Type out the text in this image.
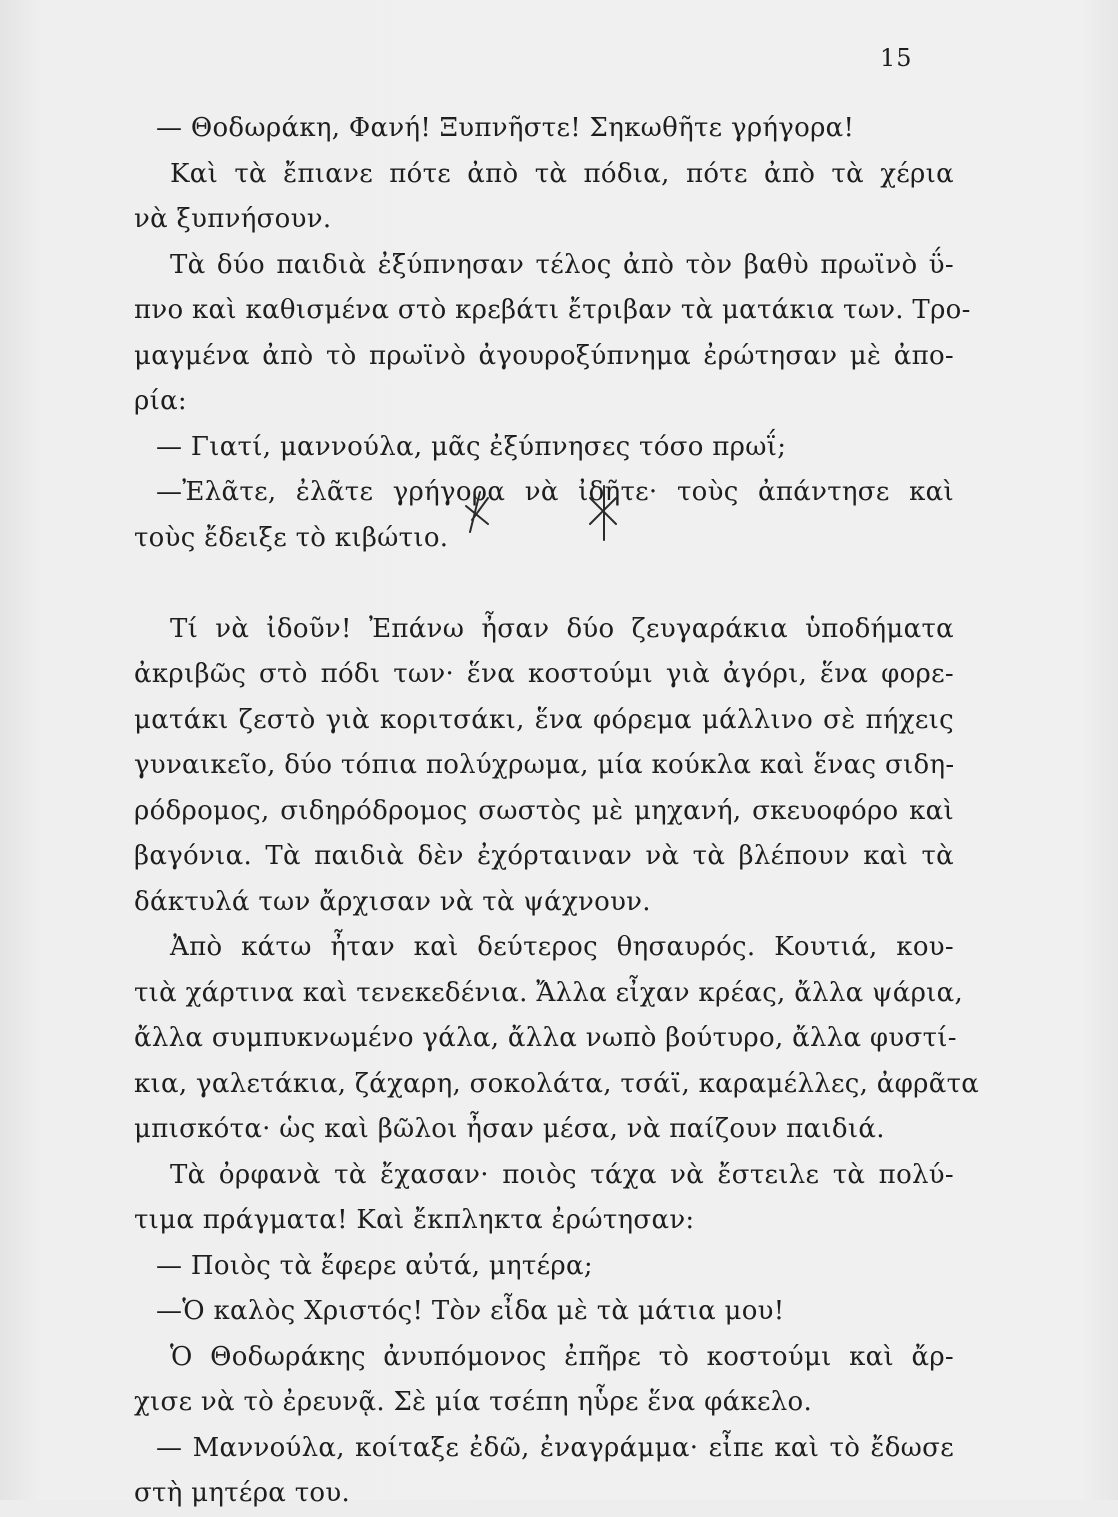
15
— Θοδωράκη, Φανή! Ξυπνῆστε! Σηκωθῆτε γρήγορα!
Καὶ τὰ ἔπιανε πότε ἀπὸ τὰ πόδια, πότε ἀπὸ τὰ χέρια
νὰ ξυπνήσουν.
Τὰ δύο παιδιὰ ἐξύπνησαν τέλος ἀπὸ τὸν βαθὺ πρωϊνὸ ΰ-
πνο καὶ καθισμένα στὸ κρεβάτι ἔτριβαν τὰ ματάκια των. Τρο-
μαγμένα ἀπὸ τὸ πρωϊνὸ ἀγουροξύπνημα ἐρώτησαν μὲ ἀπο-
ρία:
— Γιατί, μαννούλα, μᾶς ἐξύπνησες τόσο πρωΐ;
—Ἐλᾶτε, ἐλᾶτε γρήγορα νὰ ἰδῆτε· τοὺς ἀπάντησε καὶ
τοὺς ἔδειξε τὸ κιβώτιο.
Τί νὰ ἰδοῦν! Ἐπάνω ἦσαν δύο ζευγαράκια ὑποδήματα
ἀκριβῶς στὸ πόδι των· ἕνα κοστούμι γιὰ ἀγόρι, ἕνα φορε-
ματάκι ζεστὸ γιὰ κοριτσάκι, ἕνα φόρεμα μάλλινο σὲ πήχεις
γυναικεῖο, δύο τόπια πολύχρωμα, μία κούκλα καὶ ἕνας σιδη-
ρόδρομος, σιδηρόδρομος σωστὸς μὲ μηχανή, σκευοφόρο καὶ
βαγόνια. Τὰ παιδιὰ δὲν ἐχόρταιναν νὰ τὰ βλέπουν καὶ τὰ
δάκτυλά των ἄρχισαν νὰ τὰ ψάχνουν.
Ἀπὸ κάτω ἦταν καὶ δεύτερος θησαυρός. Κουτιά, κου-
τιὰ χάρτινα καὶ τενεκεδένια. Ἄλλα εἶχαν κρέας, ἄλλα ψάρια,
ἄλλα συμπυκνωμένο γάλα, ἄλλα νωπὸ βούτυρο, ἄλλα φυστί-
κια, γαλετάκια, ζάχαρη, σοκολάτα, τσάϊ, καραμέλλες, ἀφρᾶτα
μπισκότα· ὡς καὶ βῶλοι ἦσαν μέσα, νὰ παίζουν παιδιά.
Τὰ ὀρφανὰ τὰ ἔχασαν· ποιὸς τάχα νὰ ἔστειλε τὰ πολύ-
τιμα πράγματα! Καὶ ἔκπληκτα ἐρώτησαν:
— Ποιὸς τὰ ἔφερε αὐτά, μητέρα;
—Ὁ καλὸς Χριστός! Τὸν εἶδα μὲ τὰ μάτια μου!
Ὁ Θοδωράκης ἀνυπόμονος ἐπῆρε τὸ κοστούμι καὶ ἄρ-
χισε νὰ τὸ ἐρευνᾷ. Σὲ μία τσέπη ηὗρε ἕνα φάκελο.
— Μαννούλα, κοίταξε ἐδῶ, ἐναγράμμα· εἶπε καὶ τὸ ἔδωσε
στὴ μητέρα του.
